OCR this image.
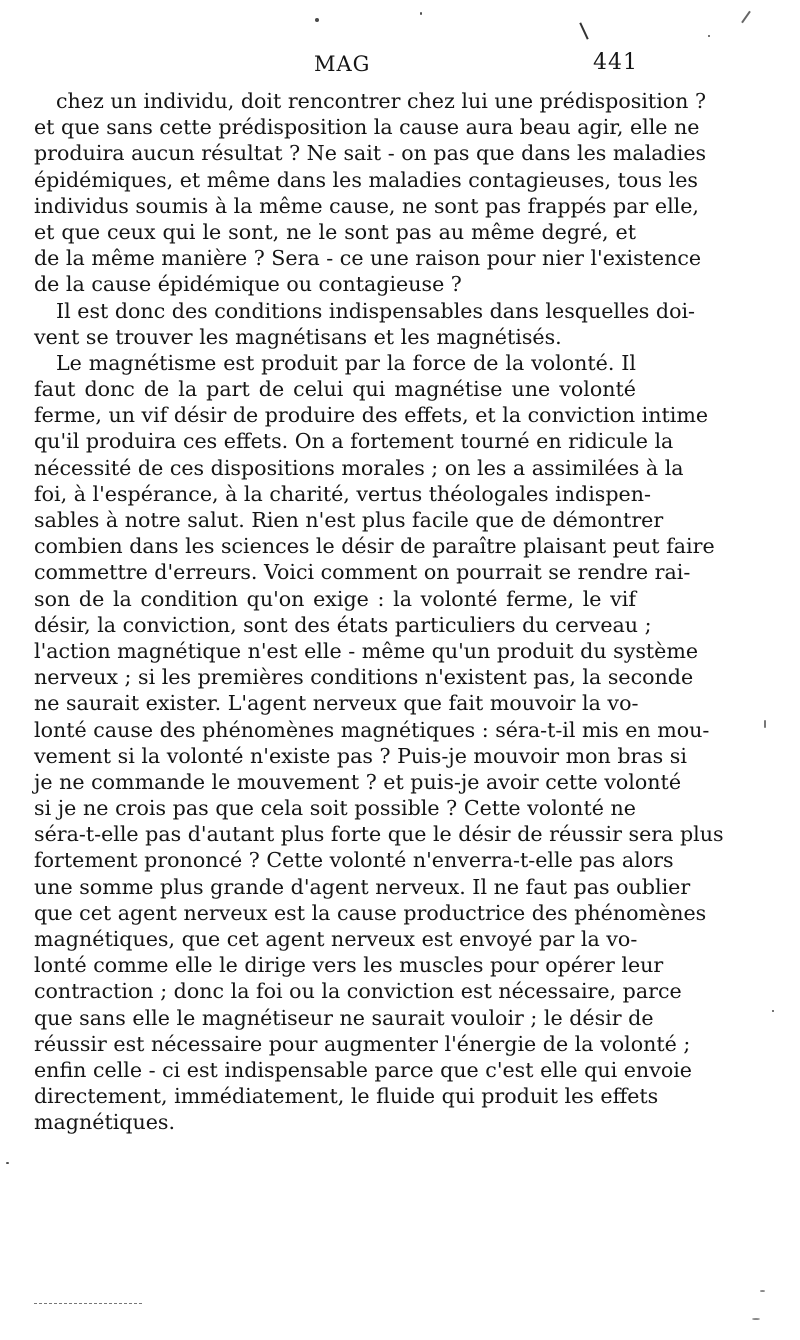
MAG	441
chez un individu, doit rencontrer chez lui une prédisposition ?
et que sans cette prédisposition la cause aura beau agir, elle ne
produira aucun résultat ? Ne sait - on pas que dans les maladies
épidémiques, et même dans les maladies contagieuses, tous les
individus soumis à la même cause, ne sont pas frappés par elle,
et que ceux qui le sont, ne le sont pas au même degré, et
de la même manière ? Sera - ce une raison pour nier l'existence
de la cause épidémique ou contagieuse ?
Il est donc des conditions indispensables dans lesquelles doi-
vent se trouver les magnétisans et les magnétisés.
Le magnétisme est produit par la force de la volonté. Il
faut donc de la part de celui qui magnétise une volonté
ferme, un vif désir de produire des effets, et la conviction intime
qu'il produira ces effets. On a fortement tourné en ridicule la
nécessité de ces dispositions morales ; on les a assimilées à la
foi, à l'espérance, à la charité, vertus théologales indispen-
sables à notre salut. Rien n'est plus facile que de démontrer
combien dans les sciences le désir de paraître plaisant peut faire
commettre d'erreurs. Voici comment on pourrait se rendre rai-
son de la condition qu'on exige : la volonté ferme, le vif
désir, la conviction, sont des états particuliers du cerveau ;
l'action magnétique n'est elle - même qu'un produit du système
nerveux ; si les premières conditions n'existent pas, la seconde
ne saurait exister. L'agent nerveux que fait mouvoir la vo-
lonté cause des phénomènes magnétiques : séra-t-il mis en mou-
vement si la volonté n'existe pas ? Puis-je mouvoir mon bras si
je ne commande le mouvement ? et puis-je avoir cette volonté
si je ne crois pas que cela soit possible ? Cette volonté ne
séra-t-elle pas d'autant plus forte que le désir de réussir sera plus
fortement prononcé ? Cette volonté n'enverra-t-elle pas alors
une somme plus grande d'agent nerveux. Il ne faut pas oublier
que cet agent nerveux est la cause productrice des phénomènes
magnétiques, que cet agent nerveux est envoyé par la vo-
lonté comme elle le dirige vers les muscles pour opérer leur
contraction ; donc la foi ou la conviction est nécessaire, parce
que sans elle le magnétiseur ne saurait vouloir ; le désir de
réussir est nécessaire pour augmenter l'énergie de la volonté ;
enfin celle - ci est indispensable parce que c'est elle qui envoie
directement, immédiatement, le fluide qui produit les effets
magnétiques.
